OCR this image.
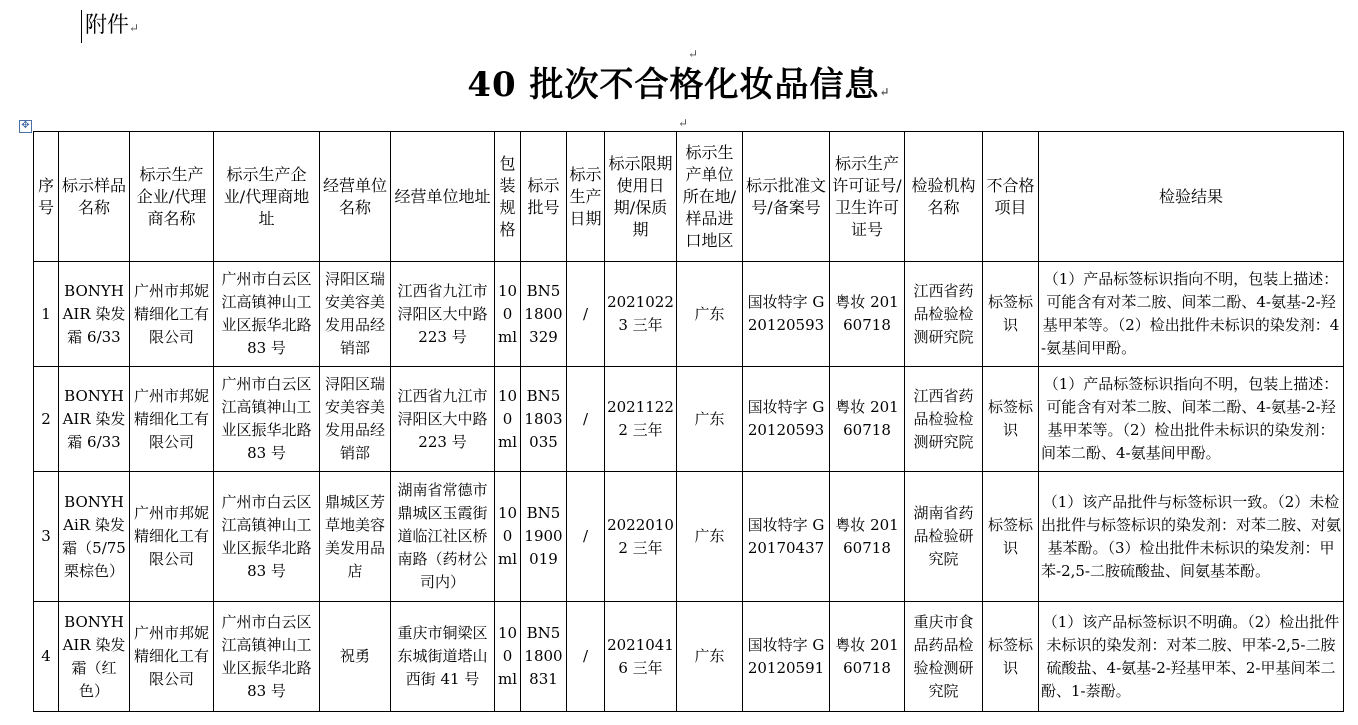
附件↵
↵
40 批次不合格化妆品信息↵
↵
✥
序号	标示样品名称	标示生产企业/代理商名称	标示生产企业/代理商地址	经营单位名称	经营单位地址	包装规格	标示批号	标示生产日期	标示限期使用日期/保质期	标示生产单位所在地/样品进口地区	标示批准文号/备案号	标示生产许可证号/卫生许可证号	检验机构名称	不合格项目	检验结果
1	BONYHAIR 染发霜 6/33	广州市邦妮精细化工有限公司	广州市白云区江高镇神山工业区振华北路 83 号	浔阳区瑞安美容美发用品经销部	江西省九江市浔阳区大中路 223 号	100 ml	BN51800329	/	20210223 三年	广东	国妆特字 G20120593	粤妆 20160718	江西省药品检验检测研究院	标签标识	（1）产品标签标识指向不明，包装上描述：可能含有对苯二胺、间苯二酚、4-氨基-2-羟基甲苯等。（2）检出批件未标识的染发剂：4-氨基间甲酚。
2	BONYHAIR 染发霜 6/33	广州市邦妮精细化工有限公司	广州市白云区江高镇神山工业区振华北路 83 号	浔阳区瑞安美容美发用品经销部	江西省九江市浔阳区大中路 223 号	100 ml	BN51803035	/	20211222 三年	广东	国妆特字 G20120593	粤妆 20160718	江西省药品检验检测研究院	标签标识	（1）产品标签标识指向不明，包装上描述：可能含有对苯二胺、间苯二酚、4-氨基-2-羟基甲苯等。（2）检出批件未标识的染发剂：间苯二酚、4-氨基间甲酚。
3	BONYHAiR 染发霜（5/75 栗棕色）	广州市邦妮精细化工有限公司	广州市白云区江高镇神山工业区振华北路 83 号	鼎城区芳草地美容美发用品店	湖南省常德市鼎城区玉霞街道临江社区桥南路（药材公司内）	100 ml	BN51900019	/	20220102 三年	广东	国妆特字 G20170437	粤妆 20160718	湖南省药品检验研究院	标签标识	（1）该产品批件与标签标识一致。（2）未检出批件与标签标识的染发剂：对苯二胺、对氨基苯酚。（3）检出批件未标识的染发剂：甲苯-2,5-二胺硫酸盐、间氨基苯酚。
4	BONYHAIR 染发霜（红色）	广州市邦妮精细化工有限公司	广州市白云区江高镇神山工业区振华北路 83 号	祝勇	重庆市铜梁区东城街道塔山西街 41 号	100 ml	BN51800831	/	20210416 三年	广东	国妆特字 G20120591	粤妆 20160718	重庆市食品药品检验检测研究院	标签标识	（1）该产品标签标识不明确。（2）检出批件未标识的染发剂：对苯二胺、甲苯-2,5-二胺硫酸盐、4-氨基-2-羟基甲苯、2-甲基间苯二酚、1-萘酚。
